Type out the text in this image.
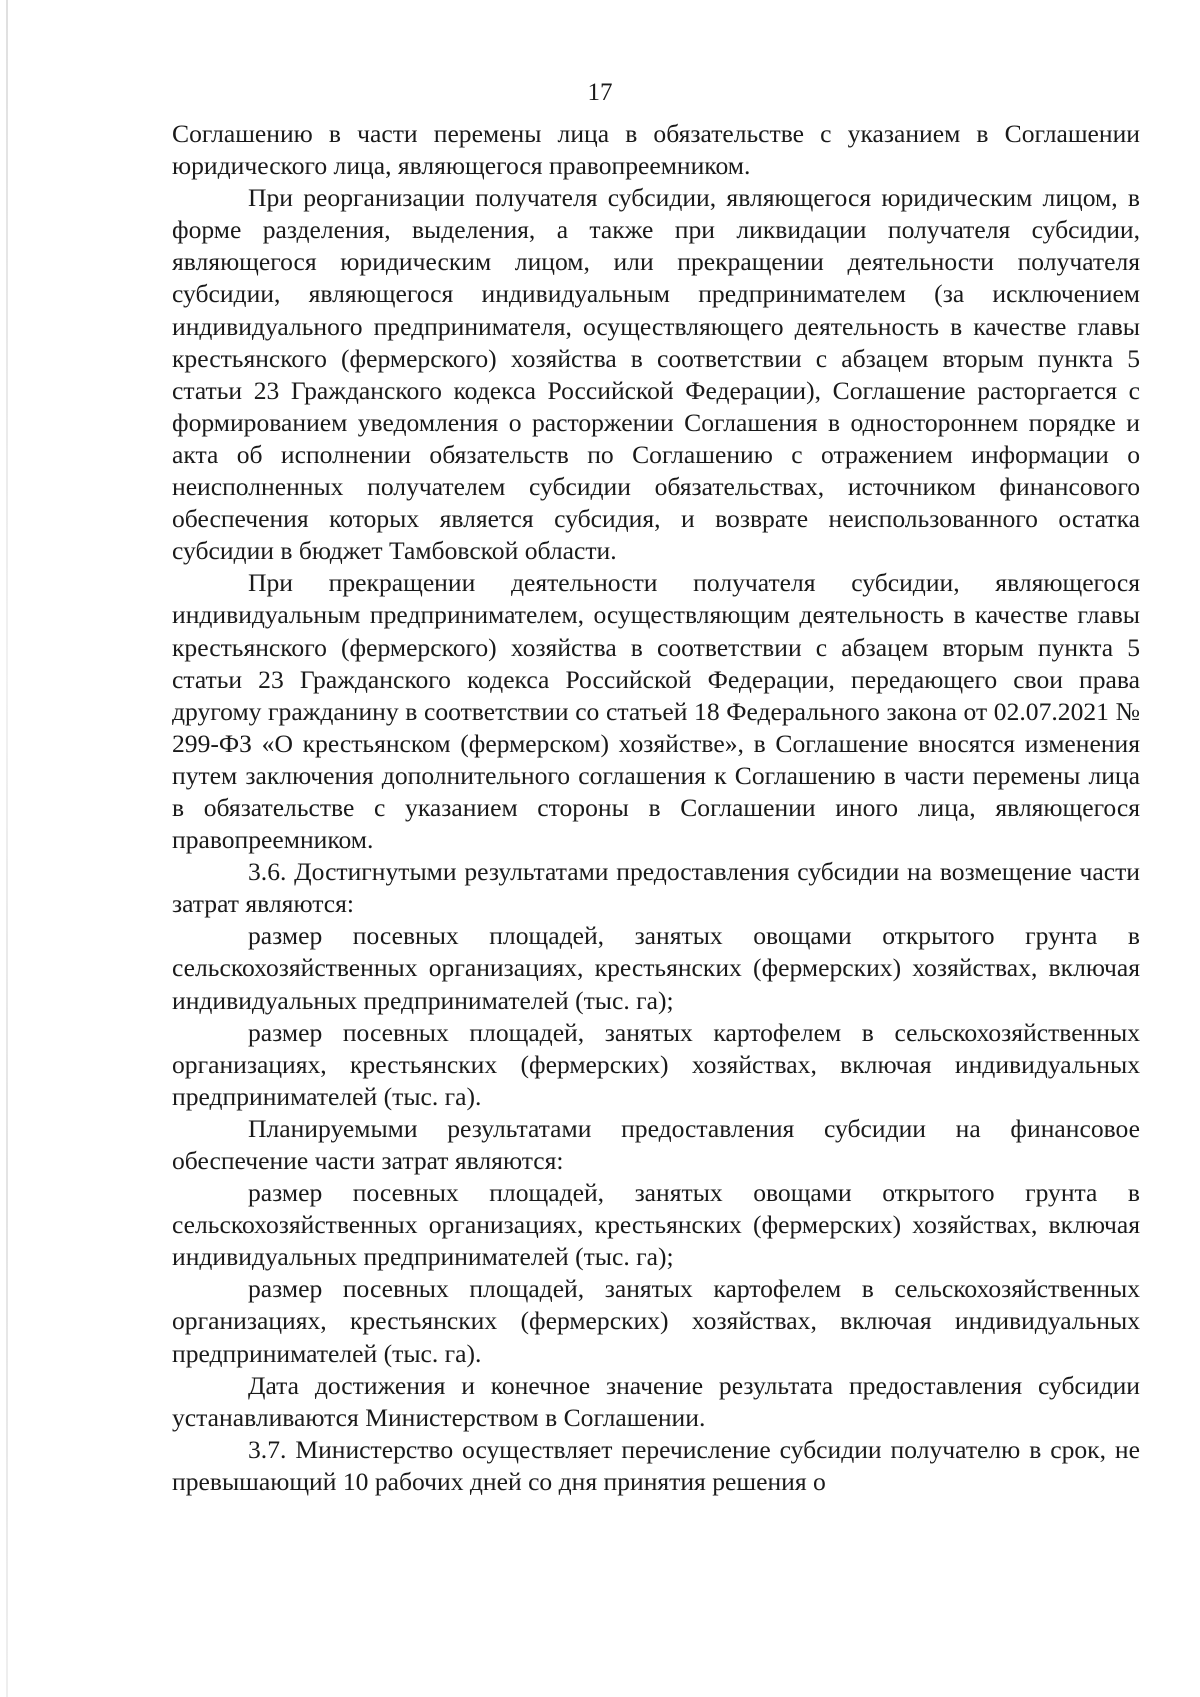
17

Соглашению в части перемены лица в обязательстве с указанием в Соглашении юридического лица, являющегося правопреемником.

При реорганизации получателя субсидии, являющегося юридическим лицом, в форме разделения, выделения, а также при ликвидации получателя субсидии, являющегося юридическим лицом, или прекращении деятельности получателя субсидии, являющегося индивидуальным предпринимателем (за исключением индивидуального предпринимателя, осуществляющего деятельность в качестве главы крестьянского (фермерского) хозяйства в соответствии с абзацем вторым пункта 5 статьи 23 Гражданского кодекса Российской Федерации), Соглашение расторгается с формированием уведомления о расторжении Соглашения в одностороннем порядке и акта об исполнении обязательств по Соглашению с отражением информации о неисполненных получателем субсидии обязательствах, источником финансового обеспечения которых является субсидия, и возврате неиспользованного остатка субсидии в бюджет Тамбовской области.

При прекращении деятельности получателя субсидии, являющегося индивидуальным предпринимателем, осуществляющим деятельность в качестве главы крестьянского (фермерского) хозяйства в соответствии с абзацем вторым пункта 5 статьи 23 Гражданского кодекса Российской Федерации, передающего свои права другому гражданину в соответствии со статьей 18 Федерального закона от 02.07.2021 № 299-ФЗ «О крестьянском (фермерском) хозяйстве», в Соглашение вносятся изменения путем заключения дополнительного соглашения к Соглашению в части перемены лица в обязательстве с указанием стороны в Соглашении иного лица, являющегося правопреемником.

3.6. Достигнутыми результатами предоставления субсидии на возмещение части затрат являются:

размер посевных площадей, занятых овощами открытого грунта в сельскохозяйственных организациях, крестьянских (фермерских) хозяйствах, включая индивидуальных предпринимателей (тыс. га);

размер посевных площадей, занятых картофелем в сельскохозяйственных организациях, крестьянских (фермерских) хозяйствах, включая индивидуальных предпринимателей (тыс. га).

Планируемыми результатами предоставления субсидии на финансовое обеспечение части затрат являются:

размер посевных площадей, занятых овощами открытого грунта в сельскохозяйственных организациях, крестьянских (фермерских) хозяйствах, включая индивидуальных предпринимателей (тыс. га);

размер посевных площадей, занятых картофелем в сельскохозяйственных организациях, крестьянских (фермерских) хозяйствах, включая индивидуальных предпринимателей (тыс. га).

Дата достижения и конечное значение результата предоставления субсидии устанавливаются Министерством в Соглашении.

3.7. Министерство осуществляет перечисление субсидии получателю в срок, не превышающий 10 рабочих дней со дня принятия решения о
